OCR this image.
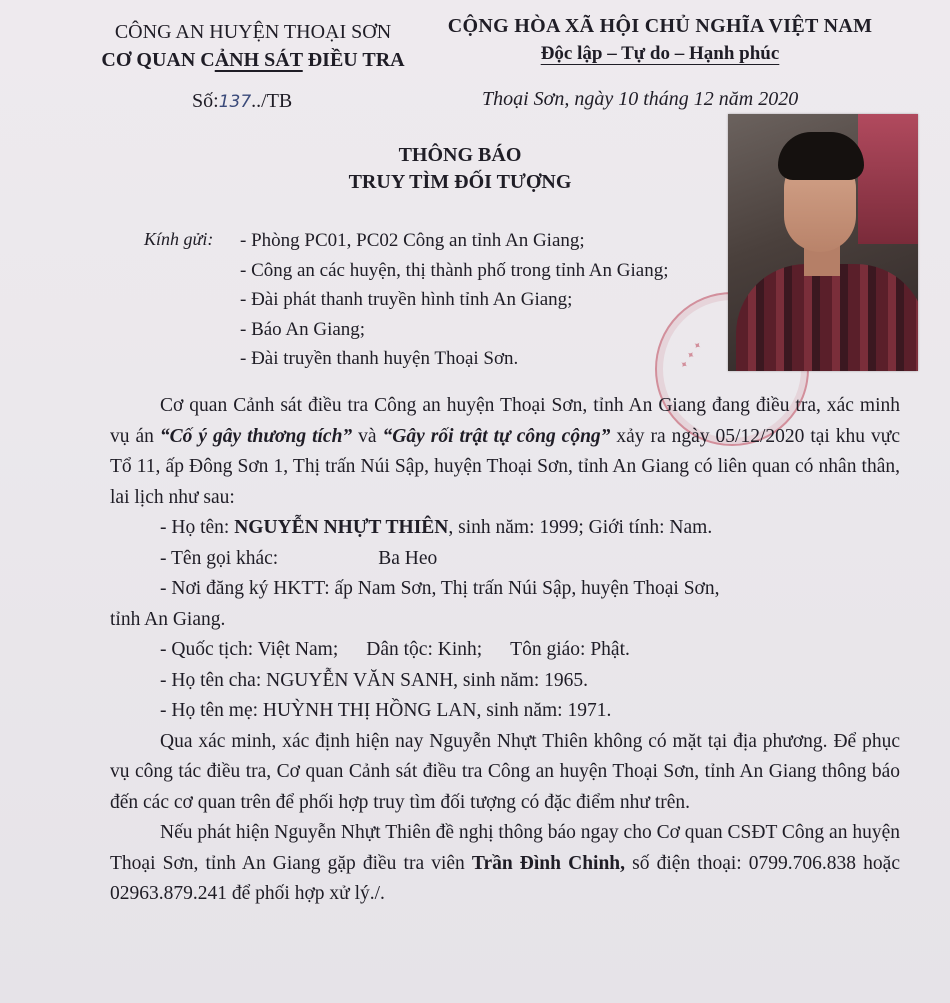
CÔNG AN HUYỆN THOẠI SƠN
CƠ QUAN CẢNH SÁT ĐIỀU TRA
CỘNG HÒA XÃ HỘI CHỦ NGHĨA VIỆT NAM
Độc lập – Tự do – Hạnh phúc
Số:137../TB	Thoại Sơn, ngày 10 tháng 12 năm 2020
THÔNG BÁO
TRUY TÌM ĐỐI TƯỢNG
Kính gửi: - Phòng PC01, PC02 Công an tỉnh An Giang;
- Công an các huyện, thị thành phố trong tỉnh An Giang;
- Đài phát thanh truyền hình tỉnh An Giang;
- Báo An Giang;
- Đài truyền thanh huyện Thoại Sơn.	✦ ✦ ✦

Cơ quan Cảnh sát điều tra Công an huyện Thoại Sơn, tỉnh An Giang đang điều tra, xác minh vụ án “Cố ý gây thương tích” và “Gây rối trật tự công cộng” xảy ra ngày 05/12/2020 tại khu vực Tổ 11, ấp Đông Sơn 1, Thị trấn Núi Sập, huyện Thoại Sơn, tỉnh An Giang có liên quan có nhân thân, lai lịch như sau:

- Họ tên: NGUYỄN NHỰT THIÊN, sinh năm: 1999; Giới tính: Nam.

- Tên gọi khác:	Ba Heo

- Nơi đăng ký HKTT: ấp Nam Sơn, Thị trấn Núi Sập, huyện Thoại Sơn,

tỉnh An Giang.

- Quốc tịch: Việt Nam; Dân tộc: Kinh; Tôn giáo: Phật.

- Họ tên cha: NGUYỄN VĂN SANH, sinh năm: 1965.

- Họ tên mẹ: HUỲNH THỊ HỒNG LAN, sinh năm: 1971.

Qua xác minh, xác định hiện nay Nguyễn Nhựt Thiên không có mặt tại địa phương. Để phục vụ công tác điều tra, Cơ quan Cảnh sát điều tra Công an huyện Thoại Sơn, tỉnh An Giang thông báo đến các cơ quan trên để phối hợp truy tìm đối tượng có đặc điểm như trên.

Nếu phát hiện Nguyễn Nhựt Thiên đề nghị thông báo ngay cho Cơ quan CSĐT Công an huyện Thoại Sơn, tỉnh An Giang gặp điều tra viên Trần Đình Chinh, số điện thoại: 0799.706.838 hoặc 02963.879.241 để phối hợp xử lý./.
